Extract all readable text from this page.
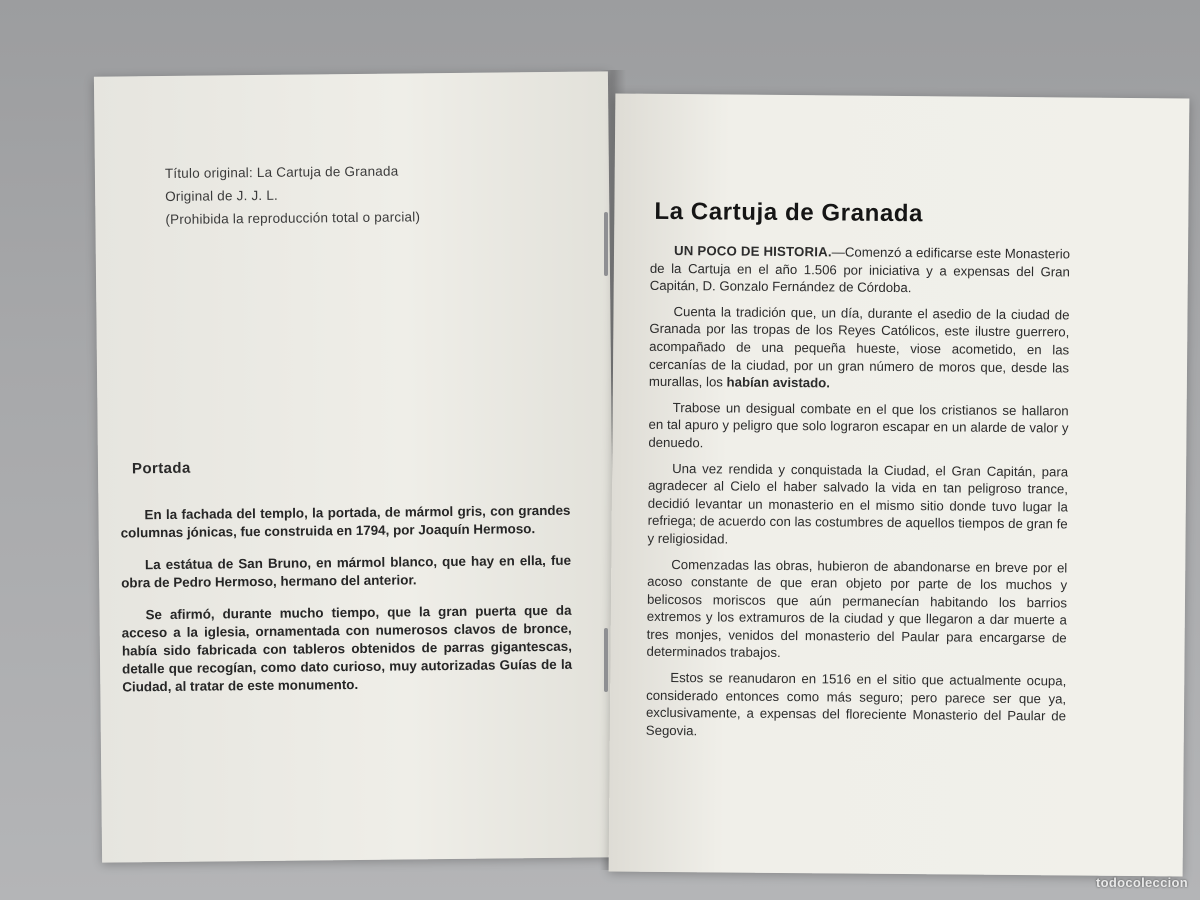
Título original: La Cartuja de Granada
Original de J. J. L.
(Prohibida la reproducción total o parcial)
Portada

En la fachada del templo, la portada, de mármol gris, con grandes columnas jónicas, fue construida en 1794, por Joaquín Hermoso.

La estátua de San Bruno, en mármol blanco, que hay en ella, fue obra de Pedro Hermoso, hermano del anterior.

Se afirmó, durante mucho tiempo, que la gran puerta que da acceso a la iglesia, ornamentada con numerosos clavos de bronce, había sido fabricada con tableros obtenidos de parras gigantescas, detalle que recogían, como dato curioso, muy autorizadas Guías de la Ciudad, al tratar de este monumento.

La Cartuja de Granada

UN POCO DE HISTORIA.—Comenzó a edificarse este Monasterio de la Cartuja en el año 1.506 por iniciativa y a expensas del Gran Capitán, D. Gonzalo Fernández de Córdoba.

Cuenta la tradición que, un día, durante el asedio de la ciudad de Granada por las tropas de los Reyes Católicos, este ilustre guerrero, acompañado de una pequeña hueste, viose acometido, en las cercanías de la ciudad, por un gran número de moros que, desde las murallas, los habían avistado.

Trabose un desigual combate en el que los cristianos se hallaron en tal apuro y peligro que solo lograron escapar en un alarde de valor y denuedo.

Una vez rendida y conquistada la Ciudad, el Gran Capitán, para agradecer al Cielo el haber salvado la vida en tan peligroso trance, decidió levantar un monasterio en el mismo sitio donde tuvo lugar la refriega; de acuerdo con las costumbres de aquellos tiempos de gran fe y religiosidad.

Comenzadas las obras, hubieron de abandonarse en breve por el acoso constante de que eran objeto por parte de los muchos y belicosos moriscos que aún permanecían habitando los barrios extremos y los extramuros de la ciudad y que llegaron a dar muerte a tres monjes, venidos del monasterio del Paular para encargarse de determinados trabajos.

Estos se reanudaron en 1516 en el sitio que actualmente ocupa, considerado entonces como más seguro; pero parece ser que ya, exclusivamente, a expensas del floreciente Monasterio del Paular de Segovia.

todocoleccion
